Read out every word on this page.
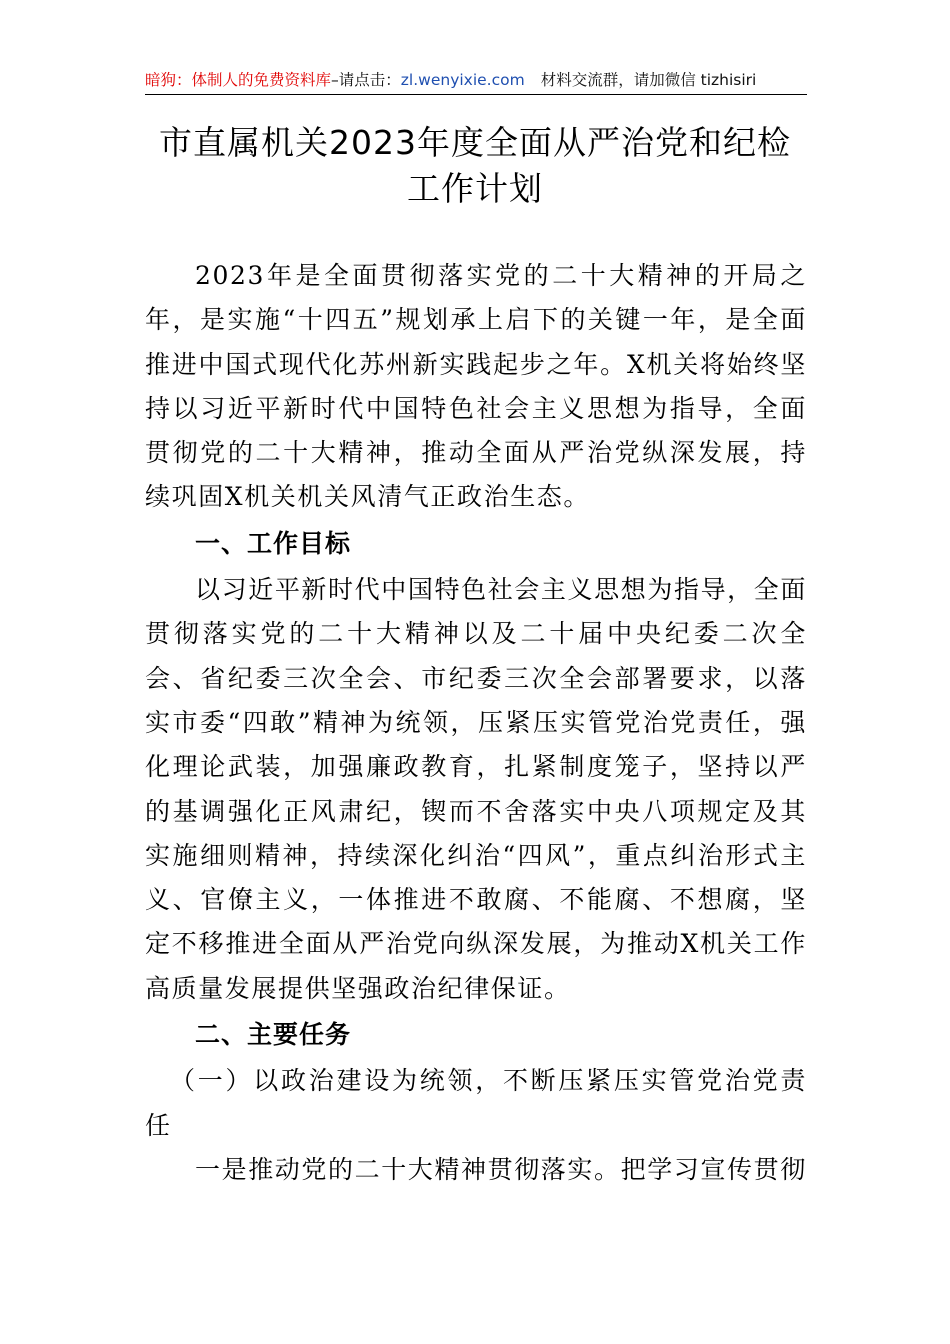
暗狗：体制人的免费资料库–请点击：zl.wenyixie.com 材料交流群，请加微信 tizhisiri
市直属机关2023年度全面从严治党和纪检
工作计划

2023年是全面贯彻落实党的二十大精神的开局之年，是实施“十四五”规划承上启下的关键一年，是全面推进中国式现代化苏州新实践起步之年。X机关将始终坚持以习近平新时代中国特色社会主义思想为指导，全面贯彻党的二十大精神，推动全面从严治党纵深发展，持续巩固X机关机关风清气正政治生态。

一、工作目标

以习近平新时代中国特色社会主义思想为指导，全面贯彻落实党的二十大精神以及二十届中央纪委二次全会、省纪委三次全会、市纪委三次全会部署要求，以落实市委“四敢”精神为统领，压紧压实管党治党责任，强化理论武装，加强廉政教育，扎紧制度笼子，坚持以严的基调强化正风肃纪，锲而不舍落实中央八项规定及其实施细则精神，持续深化纠治“四风”，重点纠治形式主义、官僚主义，一体推进不敢腐、不能腐、不想腐，坚定不移推进全面从严治党向纵深发展，为推动X机关工作高质量发展提供坚强政治纪律保证。

二、主要任务

（一）以政治建设为统领，不断压紧压实管党治党责任

一是推动党的二十大精神贯彻落实。把学习宣传贯彻
